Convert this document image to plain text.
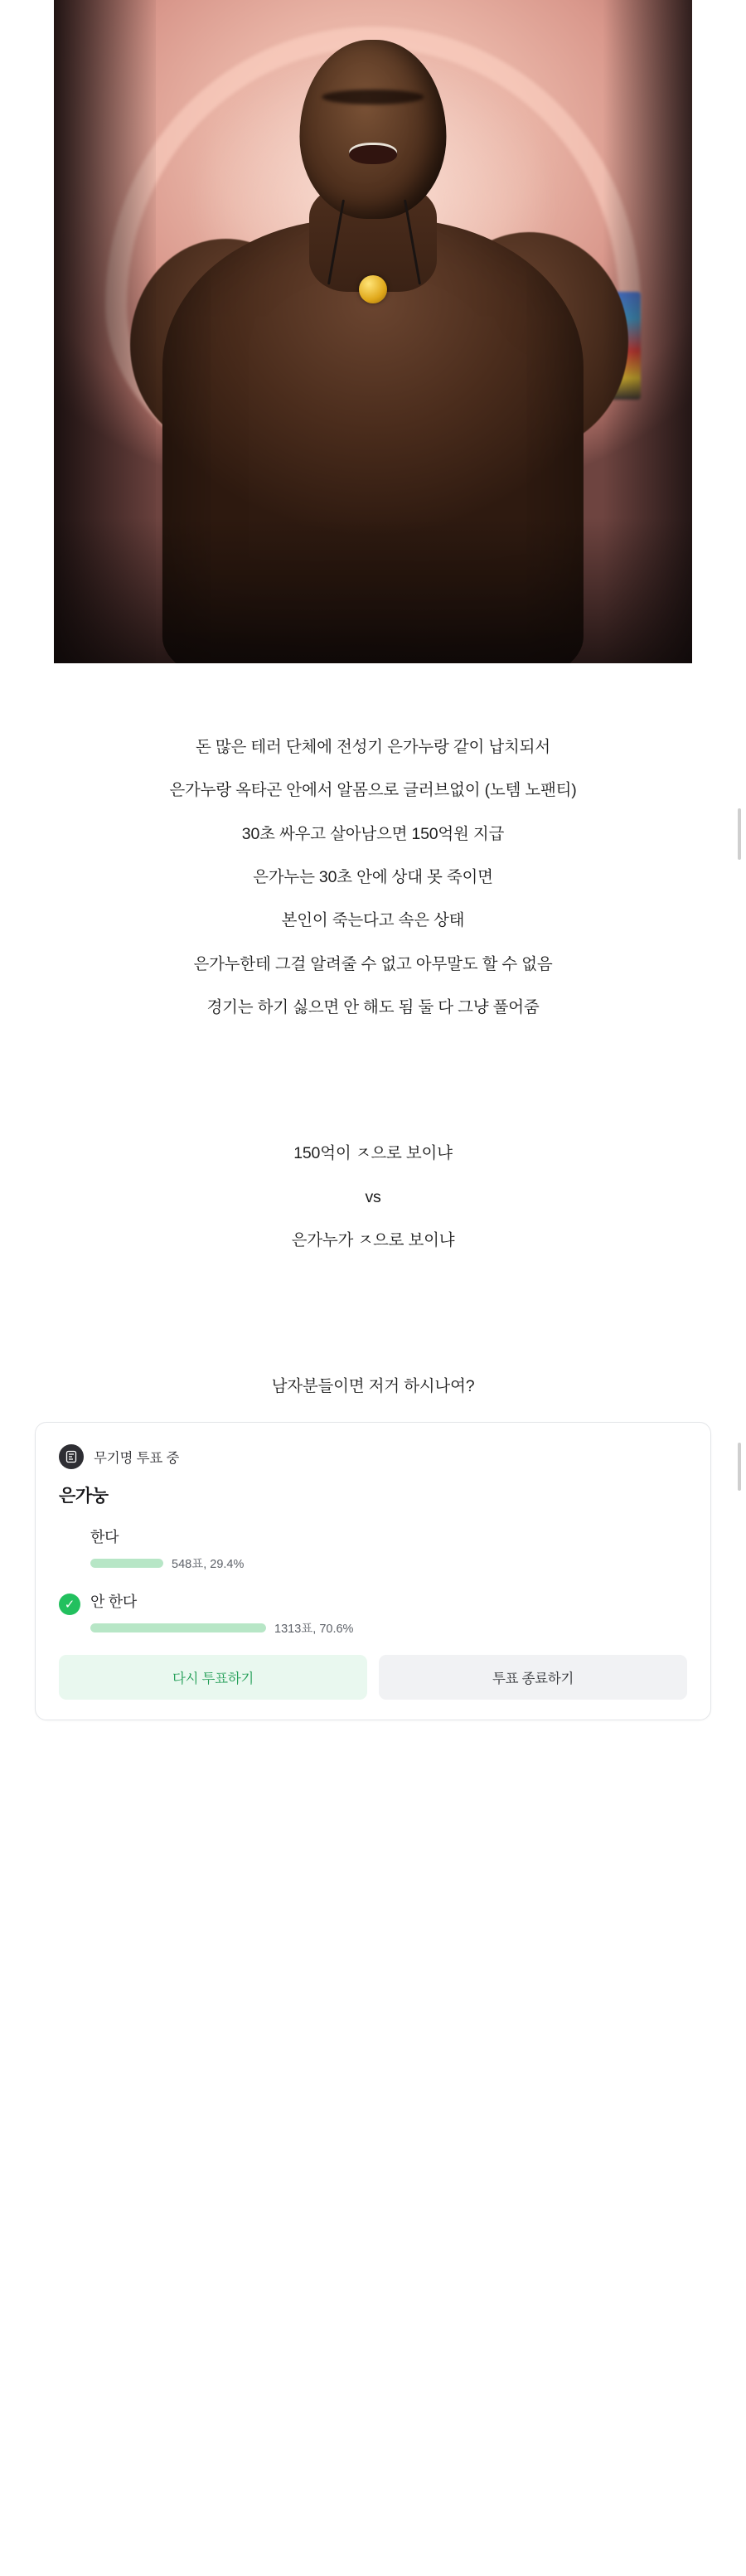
돈 많은 테러 단체에 전성기 은가누랑 같이 납치되서
은가누랑 옥타곤 안에서 알몸으로 글러브없이 (노템 노팬티)
30초 싸우고 살아남으면 150억원 지급
은가누는 30초 안에 상대 못 죽이면
본인이 죽는다고 속은 상태
은가누한테 그걸 알려줄 수 없고 아무말도 할 수 없음
경기는 하기 싫으면 안 해도 됨 둘 다 그냥 풀어줌
150억이 ㅈ으로 보이냐
vs
은가누가 ㅈ으로 보이냐
남자분들이면 저거 하시나여?
무기명 투표 중
은가눙
한다
548표, 29.4%
✓	안 한다
1313표, 70.6%
다시 투표하기	투표 종료하기
